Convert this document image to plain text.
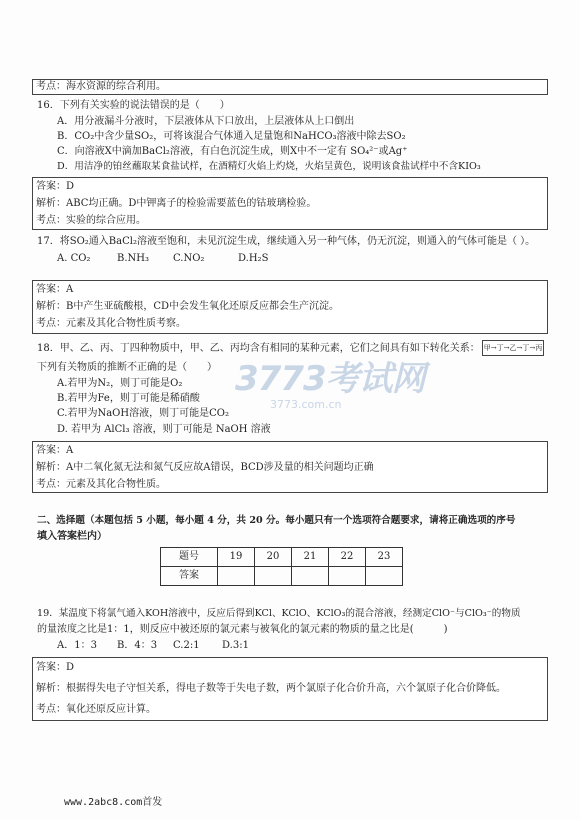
考点：海水资源的综合利用。
16．下列有关实验的说法错误的是（　　）
A．用分液漏斗分液时，下层液体从下口放出，上层液体从上口倒出
B．CO₂中含少量SO₂，可将该混合气体通入足量饱和NaHCO₃溶液中除去SO₂
C．向溶液X中滴加BaCl₂溶液，有白色沉淀生成，则X中不一定有 SO₄²⁻或Ag⁺
D．用洁净的铂丝蘸取某食盐试样，在酒精灯火焰上灼烧，火焰呈黄色，说明该食盐试样中不含KIO₃
答案：D
解析：ABC均正确。D中钾离子的检验需要蓝色的钴玻璃检验。
考点：实验的综合应用。
17．将SO₂通入BaCl₂溶液至饱和，未见沉淀生成，继续通入另一种气体，仍无沉淀，则通入的气体可能是（ ）。
A. CO₂	B.NH₃ C.NO₂	D.H₂S
答案：A
解析：B中产生亚硫酸根，CD中会发生氧化还原反应都会生产沉淀。
考点：元素及其化合物性质考察。
18．甲、乙、丙、丁四种物质中，甲、乙、丙均含有相同的某种元素，它们之间具有如下转化关系： 甲→丁→乙→丁→丙
下列有关物质的推断不正确的是（　　）
A.若甲为N₂，则丁可能是O₂
B.若甲为Fe，则丁可能是稀硝酸
C.若甲为NaOH溶液，则丁可能是CO₂
D. 若甲为 AlCl₃ 溶液，则丁可能是 NaOH 溶液
3773考试网
3773.com.cn
答案：A
解析：A中二氧化氮无法和氮气反应故A错误，BCD涉及量的相关问题均正确
考点：元素及其化合物性质。
二、选择题（本题包括 5 小题，每小题 4 分，共 20 分。每小题只有一个选项符合题要求，请将正确选项的序号
填入答案栏内）
题号	19	20	21	22	23
答案					
19．某温度下将氯气通入KOH溶液中，反应后得到KCl、KClO、KClO₃的混合溶液，经测定ClO⁻与ClO₃⁻的物质
的量浓度之比是1：1，则反应中被还原的氯元素与被氧化的氯元素的物质的量之比是(　　　)
A．1：3 B．4：3 C.2:1 D.3:1
答案：D
解析：根据得失电子守恒关系，得电子数等于失电子数，两个氯原子化合价升高，六个氯原子化合价降低。
考点：氧化还原反应计算。
www.2abc8.com首发
